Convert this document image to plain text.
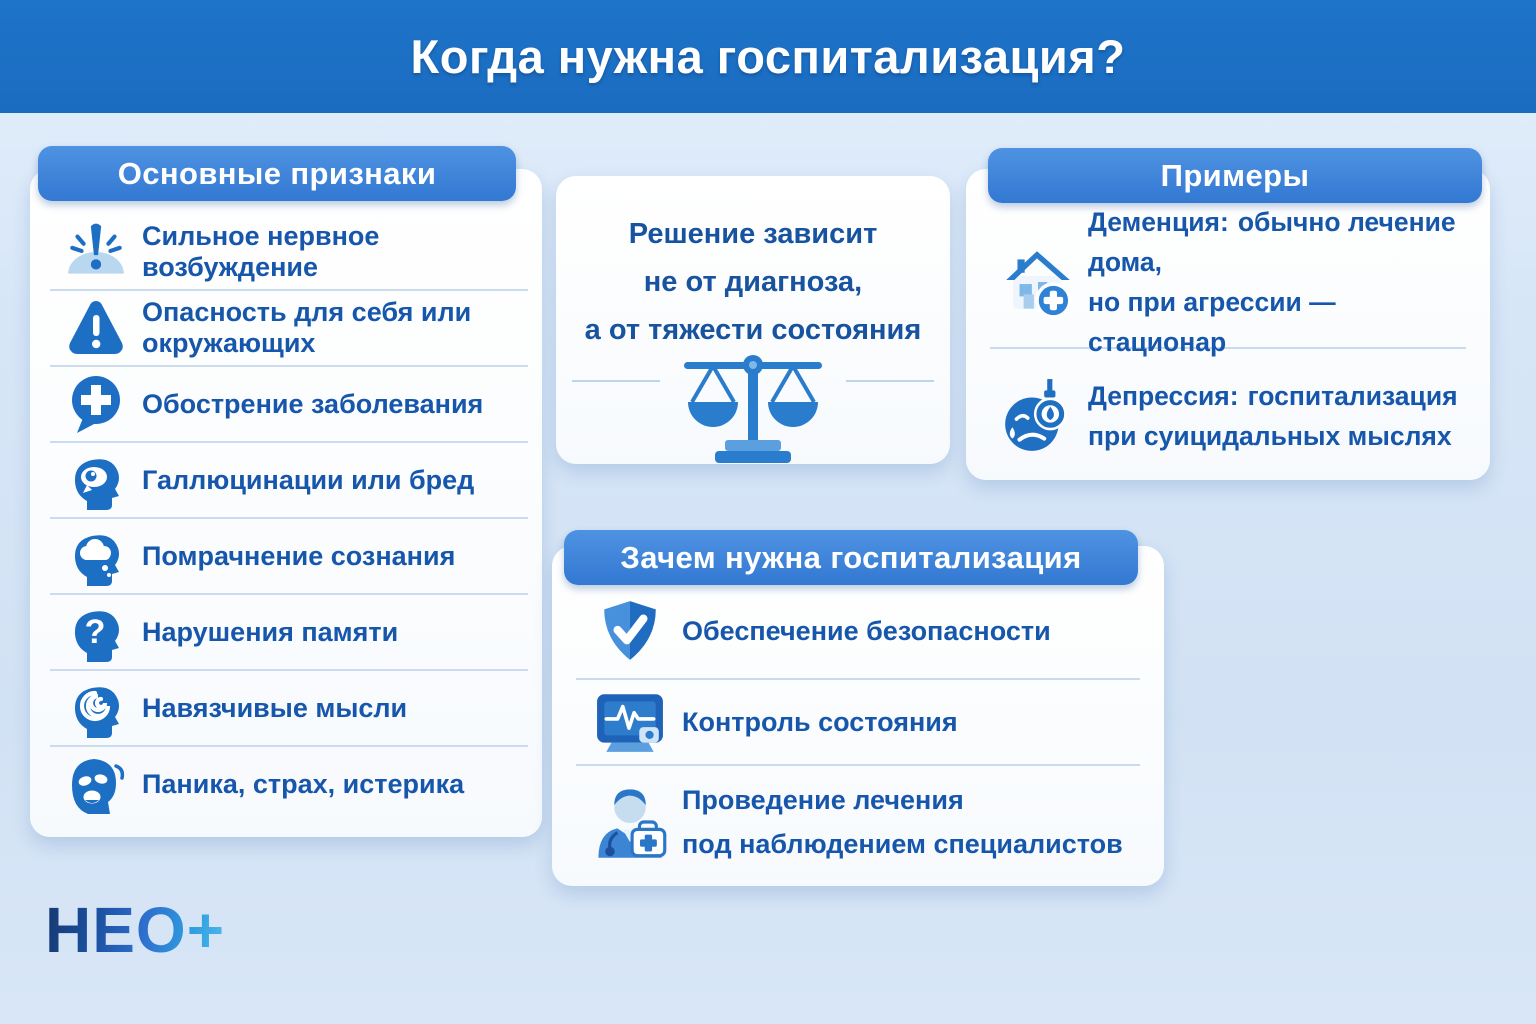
Когда нужна госпитализация?
Основные признаки
Сильное нервное возбуждение
Опасность для себя или окружающих
Обострение заболевания
Галлюцинации или бред
Помрачнение сознания
? Нарушения памяти
Навязчивые мысли
Паника, страх, истерика
Решение зависит
не от диагноза,
а от тяжести состояния
Примеры
Деменция: обычно лечение дома,
но при агрессии — стационар
Депрессия: госпитализация
при суицидальных мыслях
Зачем нужна госпитализация
Обеспечение безопасности
Контроль состояния
Проведение лечения
под наблюдением специалистов
НЕО+
